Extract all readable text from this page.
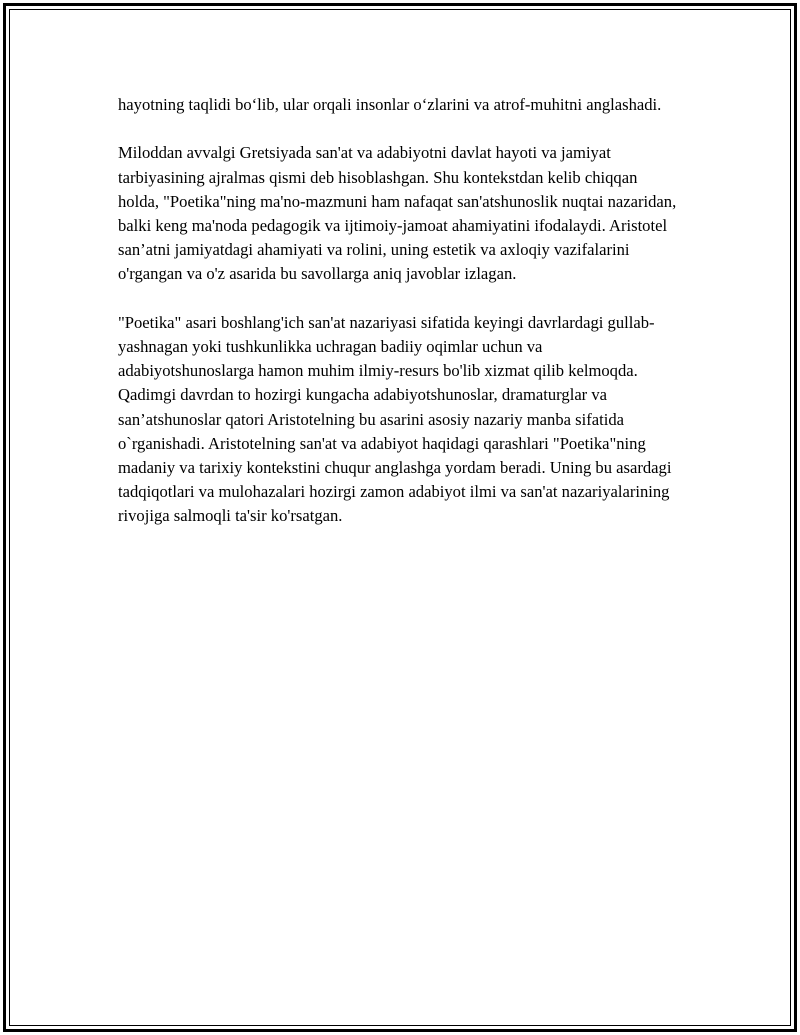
hayotning taqlidi bo‘lib, ular orqali insonlar o‘zlarini va atrof-muhitni anglashadi.

Miloddan avvalgi Gretsiyada san'at va adabiyotni davlat hayoti va jamiyat tarbiyasining ajralmas qismi deb hisoblashgan. Shu kontekstdan kelib chiqqan holda, "Poetika"ning ma'no-mazmuni ham nafaqat san'atshunoslik nuqtai nazaridan, balki keng ma'noda pedagogik va ijtimoiy-jamoat ahamiyatini ifodalaydi. Aristotel san’atni jamiyatdagi ahamiyati va rolini, uning estetik va axloqiy vazifalarini o'rgangan va o'z asarida bu savollarga aniq javoblar izlagan.

"Poetika" asari boshlang'ich san'at nazariyasi sifatida keyingi davrlardagi gullab-yashnagan yoki tushkunlikka uchragan badiiy oqimlar uchun va adabiyotshunoslarga hamon muhim ilmiy-resurs bo'lib xizmat qilib kelmoqda. Qadimgi davrdan to hozirgi kungacha adabiyotshunoslar, dramaturglar va san’atshunoslar qatori Aristotelning bu asarini asosiy nazariy manba sifatida o`rganishadi. Aristotelning san'at va adabiyot haqidagi qarashlari "Poetika"ning madaniy va tarixiy kontekstini chuqur anglashga yordam beradi. Uning bu asardagi tadqiqotlari va mulohazalari hozirgi zamon adabiyot ilmi va san'at nazariyalarining rivojiga salmoqli ta'sir ko'rsatgan.
